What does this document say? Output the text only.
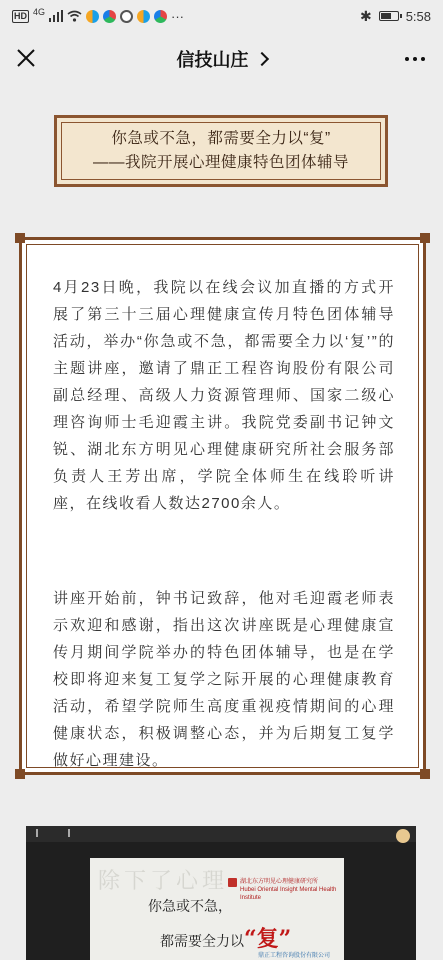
HD 4G	···	✱	5:58
信技山庄
你急或不急，都需要全力以“复”
——我院开展心理健康特色团体辅导

4月23日晚，我院以在线会议加直播的方式开展了第三十三届心理健康宣传月特色团体辅导活动，举办“你急或不急，都需要全力以‘复’”的主题讲座，邀请了鼎正工程咨询股份有限公司副总经理、高级人力资源管理师、国家二级心理咨询师士毛迎霞主讲。我院党委副书记钟文锐、湖北东方明见心理健康研究所社会服务部负责人王芳出席，学院全体师生在线聆听讲座，在线收看人数达2700余人。

讲座开始前，钟书记致辞，他对毛迎霞老师表示欢迎和感谢，指出这次讲座既是心理健康宣传月期间学院举办的特色团体辅导，也是在学校即将迎来复工复学之际开展的心理健康教育活动，希望学院师生高度重视疫情期间的心理健康状态，积极调整心态，并为后期复工复学做好心理建设。

除下了心理 湖北东方明见心理健康研究所
Hubei Oriental Insight Mental Health Institute
你急或不急，
都需要全力以“复”
鼎正工程咨询股份有限公司
